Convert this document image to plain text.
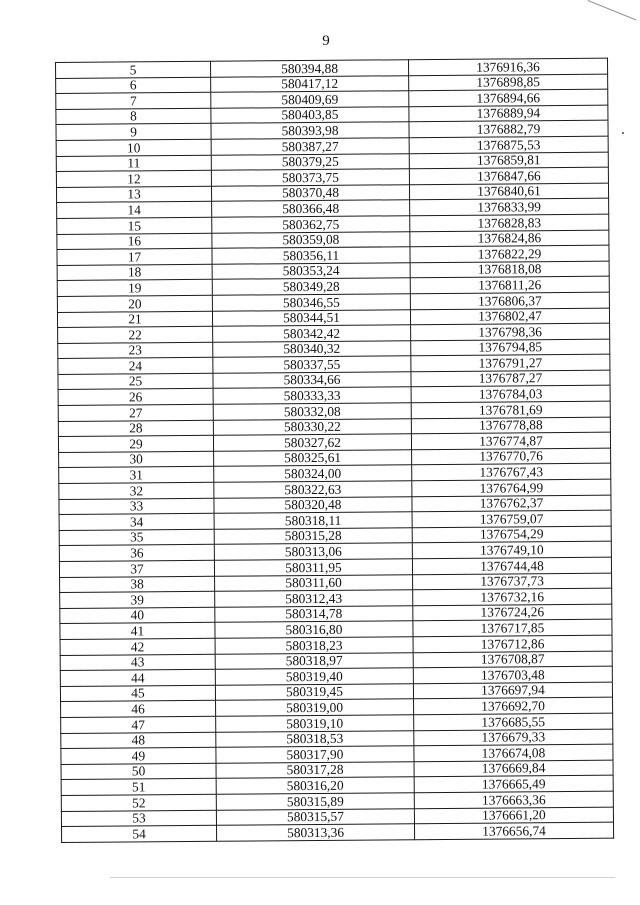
9
5	580394,88	1376916,36
6	580417,12	1376898,85
7	580409,69	1376894,66
8	580403,85	1376889,94
9	580393,98	1376882,79
10	580387,27	1376875,53
11	580379,25	1376859,81
12	580373,75	1376847,66
13	580370,48	1376840,61
14	580366,48	1376833,99
15	580362,75	1376828,83
16	580359,08	1376824,86
17	580356,11	1376822,29
18	580353,24	1376818,08
19	580349,28	1376811,26
20	580346,55	1376806,37
21	580344,51	1376802,47
22	580342,42	1376798,36
23	580340,32	1376794,85
24	580337,55	1376791,27
25	580334,66	1376787,27
26	580333,33	1376784,03
27	580332,08	1376781,69
28	580330,22	1376778,88
29	580327,62	1376774,87
30	580325,61	1376770,76
31	580324,00	1376767,43
32	580322,63	1376764,99
33	580320,48	1376762,37
34	580318,11	1376759,07
35	580315,28	1376754,29
36	580313,06	1376749,10
37	580311,95	1376744,48
38	580311,60	1376737,73
39	580312,43	1376732,16
40	580314,78	1376724,26
41	580316,80	1376717,85
42	580318,23	1376712,86
43	580318,97	1376708,87
44	580319,40	1376703,48
45	580319,45	1376697,94
46	580319,00	1376692,70
47	580319,10	1376685,55
48	580318,53	1376679,33
49	580317,90	1376674,08
50	580317,28	1376669,84
51	580316,20	1376665,49
52	580315,89	1376663,36
53	580315,57	1376661,20
54	580313,36	1376656,74
